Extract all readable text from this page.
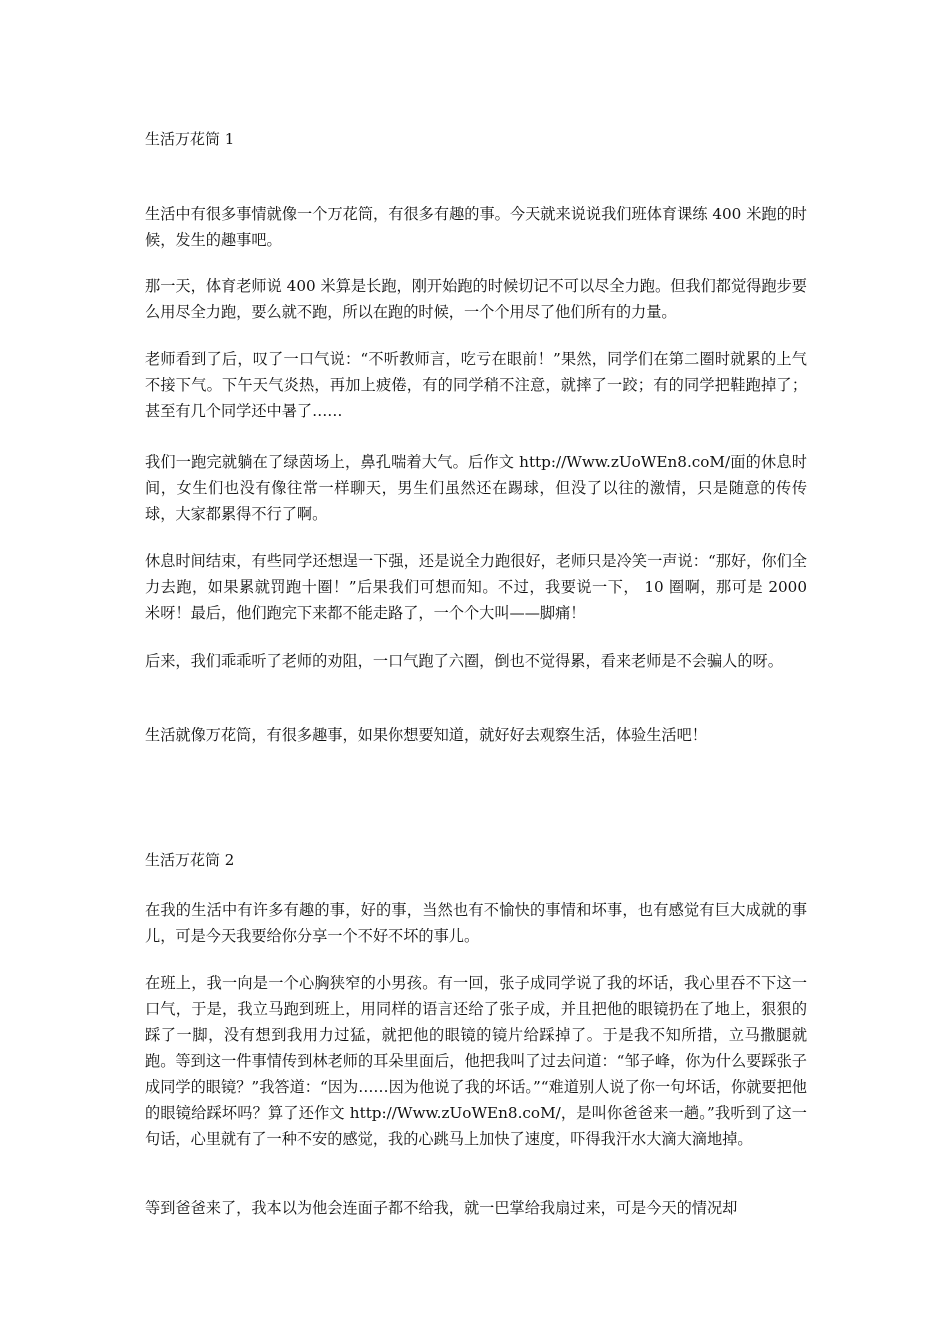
生活万花筒 1

生活中有很多事情就像一个万花筒，有很多有趣的事。今天就来说说我们班体育课练 400 米跑的时候，发生的趣事吧。

那一天，体育老师说 400 米算是长跑，刚开始跑的时候切记不可以尽全力跑。但我们都觉得跑步要么用尽全力跑，要么就不跑，所以在跑的时候，一个个用尽了他们所有的力量。

老师看到了后，叹了一口气说：“不听教师言，吃亏在眼前！”果然，同学们在第二圈时就累的上气不接下气。下午天气炎热，再加上疲倦，有的同学稍不注意，就摔了一跤；有的同学把鞋跑掉了；甚至有几个同学还中暑了……

我们一跑完就躺在了绿茵场上，鼻孔喘着大气。后作文 http://Www.zUoWEn8.coM/面的休息时间，女生们也没有像往常一样聊天，男生们虽然还在踢球，但没了以往的激情，只是随意的传传球，大家都累得不行了啊。

休息时间结束，有些同学还想逞一下强，还是说全力跑很好，老师只是冷笑一声说：“那好，你们全力去跑，如果累就罚跑十圈！”后果我们可想而知。不过，我要说一下， 10 圈啊，那可是 2000 米呀！最后，他们跑完下来都不能走路了，一个个大叫——脚痛！

后来，我们乖乖听了老师的劝阻，一口气跑了六圈，倒也不觉得累，看来老师是不会骗人的呀。

生活就像万花筒，有很多趣事，如果你想要知道，就好好去观察生活，体验生活吧！

生活万花筒 2

在我的生活中有许多有趣的事，好的事，当然也有不愉快的事情和坏事，也有感觉有巨大成就的事儿，可是今天我要给你分享一个不好不坏的事儿。

在班上，我一向是一个心胸狭窄的小男孩。有一回，张子成同学说了我的坏话，我心里吞不下这一口气，于是，我立马跑到班上，用同样的语言还给了张子成，并且把他的眼镜扔在了地上，狠狠的踩了一脚，没有想到我用力过猛，就把他的眼镜的镜片给踩掉了。于是我不知所措，立马撒腿就跑。等到这一件事情传到林老师的耳朵里面后，他把我叫了过去问道：“邹子峰，你为什么要踩张子成同学的眼镜？”我答道：“因为……因为他说了我的坏话。”“难道别人说了你一句坏话，你就要把他的眼镜给踩坏吗？算了还作文 http://Www.zUoWEn8.coM/，是叫你爸爸来一趟。”我听到了这一句话，心里就有了一种不安的感觉，我的心跳马上加快了速度，吓得我汗水大滴大滴地掉。

等到爸爸来了，我本以为他会连面子都不给我，就一巴掌给我扇过来，可是今天的情况却
